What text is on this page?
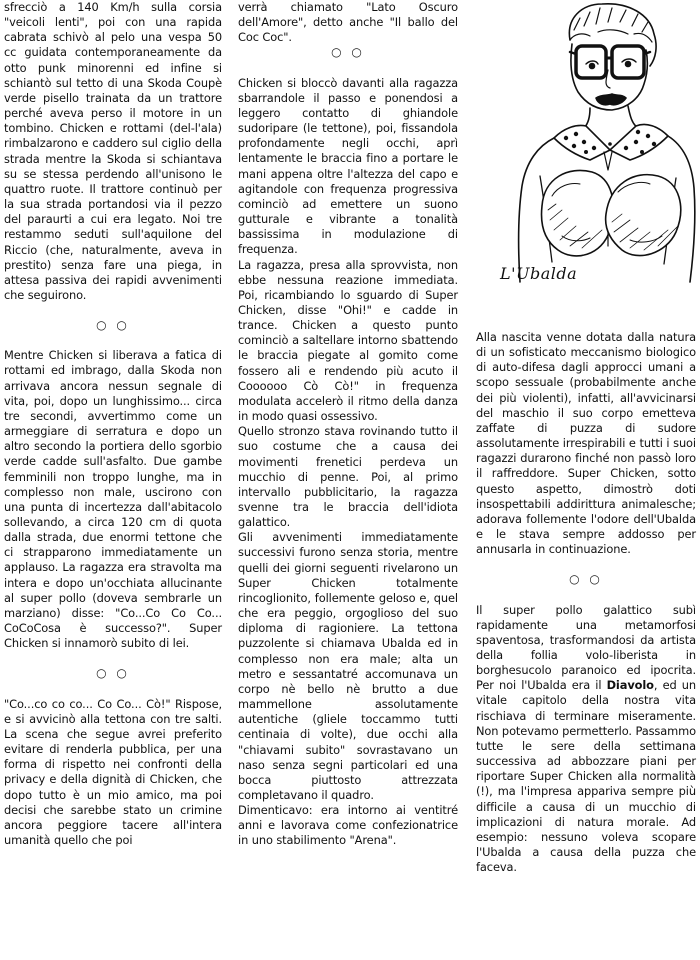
sfrecciò a 140 Km/h sulla corsia "veicoli lenti", poi con una rapida cabrata schivò al pelo una vespa 50 cc guidata contemporaneamente da otto punk minorenni ed infine si schiantò sul tetto di una Skoda Coupè verde pisello trainata da un trattore perché aveva perso il motore in un tombino. Chicken e rottami (del-l'ala) rimbalzarono e caddero sul ciglio della strada mentre la Skoda si schiantava su se stessa perdendo all'unisono le quattro ruote. Il trattore continuò per la sua strada portandosi via il pezzo del paraurti a cui era legato. Noi tre restammo seduti sull'aquilone del Riccio (che, naturalmente, aveva in prestito) senza fare una piega, in attesa passiva dei rapidi avvenimenti che seguirono.

○ ○

Mentre Chicken si liberava a fatica di rottami ed imbrago, dalla Skoda non arrivava ancora nessun segnale di vita, poi, dopo un lunghissimo... circa tre secondi, avvertimmo come un armeggiare di serratura e dopo un altro secondo la portiera dello sgorbio verde cadde sull'asfalto. Due gambe femminili non troppo lunghe, ma in complesso non male, uscirono con una punta di incertezza dall'abitacolo sollevando, a circa 120 cm di quota dalla strada, due enormi tettone che ci strapparono immediatamente un applauso. La ragazza era stravolta ma intera e dopo un'occhiata allucinante al super pollo (doveva sembrarle un marziano) disse: "Co...Co Co Co... CoCoCosa è successo?". Super Chicken si innamorò subito di lei.

○ ○

"Co...co co co... Co Co... Cò!" Rispose, e si avvicinò alla tettona con tre salti. La scena che segue avrei preferito evitare di renderla pubblica, per una forma di rispetto nei confronti della privacy e della dignità di Chicken, che dopo tutto è un mio amico, ma poi decisi che sarebbe stato un crimine ancora peggiore tacere all'intera umanità quello che poi

verrà chiamato "Lato Oscuro dell'Amore", detto anche "Il ballo del Coc Coc".

○ ○

Chicken si bloccò davanti alla ragazza sbarrandole il passo e ponendosi a leggero contatto di ghiandole sudoripare (le tettone), poi, fissandola profondamente negli occhi, aprì lentamente le braccia fino a portare le mani appena oltre l'altezza del capo e agitandole con frequenza progressiva cominciò ad emettere un suono gutturale e vibrante a tonalità bassissima in modulazione di frequenza.

La ragazza, presa alla sprovvista, non ebbe nessuna reazione immediata. Poi, ricambiando lo sguardo di Super Chicken, disse "Ohi!" e cadde in trance. Chicken a questo punto cominciò a saltellare intorno sbattendo le braccia piegate al gomito come fossero ali e rendendo più acuto il Coooooo Cò Cò!" in frequenza modulata accelerò il ritmo della danza in modo quasi ossessivo.

Quello stronzo stava rovinando tutto il suo costume che a causa dei movimenti frenetici perdeva un mucchio di penne. Poi, al primo intervallo pubblicitario, la ragazza svenne tra le braccia dell'idiota galattico.

Gli avvenimenti immediatamente successivi furono senza storia, mentre quelli dei giorni seguenti rivelarono un Super Chicken totalmente rincoglionito, follemente geloso e, quel che era peggio, orgoglioso del suo diploma di ragioniere. La tettona puzzolente si chiamava Ubalda ed in complesso non era male; alta un metro e sessantatré accomunava un corpo nè bello nè brutto a due mammellone assolutamente autentiche (gliele toccammo tutti centinaia di volte), due occhi alla "chiavami subito" sovrastavano un naso senza segni particolari ed una bocca piuttosto attrezzata completavano il quadro.

Dimenticavo: era intorno ai ventitré anni e lavorava come confezionatrice in uno stabilimento "Arena".

L'Ubalda

Alla nascita venne dotata dalla natura di un sofisticato meccanismo biologico di auto-difesa dagli approcci umani a scopo sessuale (probabilmente anche dei più violenti), infatti, all'avvicinarsi del maschio il suo corpo emetteva zaffate di puzza di sudore assolutamente irrespirabili e tutti i suoi ragazzi durarono finché non passò loro il raffreddore. Super Chicken, sotto questo aspetto, dimostrò doti insospettabili addirittura animalesche; adorava follemente l'odore dell'Ubalda e le stava sempre addosso per annusarla in continuazione.

○ ○

Il super pollo galattico subì rapidamente una metamorfosi spaventosa, trasformandosi da artista della follia volo-liberista in borghesucolo paranoico ed ipocrita. Per noi l'Ubalda era il Diavolo, ed un vitale capitolo della nostra vita rischiava di terminare miseramente. Non potevamo permetterlo. Passammo tutte le sere della settimana successiva ad abbozzare piani per riportare Super Chicken alla normalità (!), ma l'impresa appariva sempre più difficile a causa di un mucchio di implicazioni di natura morale. Ad esempio: nessuno voleva scopare l'Ubalda a causa della puzza che faceva.
